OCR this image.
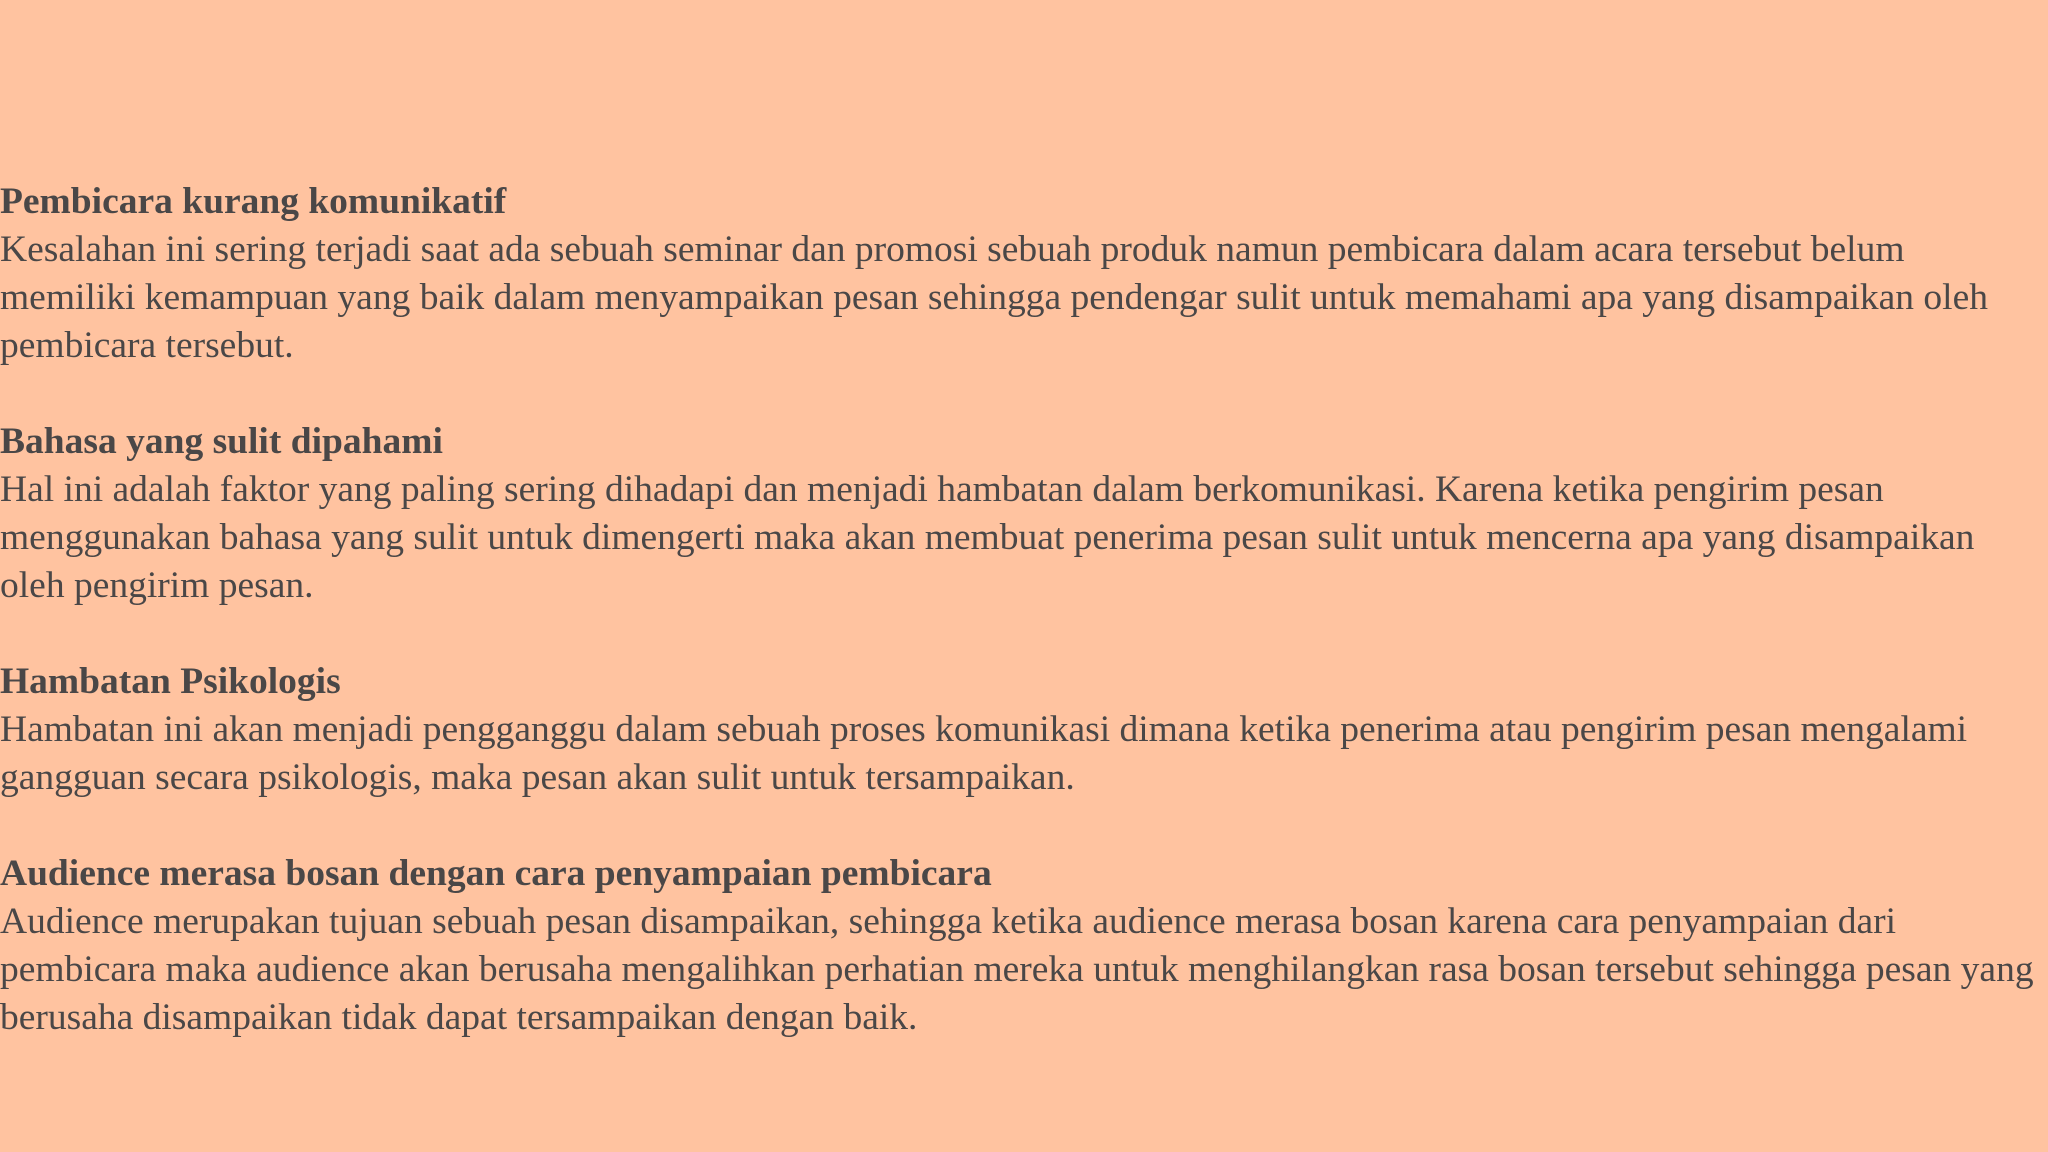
Pembicara kurang komunikatif

Kesalahan ini sering terjadi saat ada sebuah seminar dan promosi sebuah produk namun pembicara dalam acara tersebut belum memiliki kemampuan yang baik dalam menyampaikan pesan sehingga pendengar sulit untuk memahami apa yang disampaikan oleh pembicara tersebut.

Bahasa yang sulit dipahami

Hal ini adalah faktor yang paling sering dihadapi dan menjadi hambatan dalam berkomunikasi. Karena ketika pengirim pesan menggunakan bahasa yang sulit untuk dimengerti maka akan membuat penerima pesan sulit untuk mencerna apa yang disampaikan oleh pengirim pesan.

Hambatan Psikologis

Hambatan ini akan menjadi pengganggu dalam sebuah proses komunikasi dimana ketika penerima atau pengirim pesan mengalami gangguan secara psikologis, maka pesan akan sulit untuk tersampaikan.

Audience merasa bosan dengan cara penyampaian pembicara

Audience merupakan tujuan sebuah pesan disampaikan, sehingga ketika audience merasa bosan karena cara penyampaian dari pembicara maka audience akan berusaha mengalihkan perhatian mereka untuk menghilangkan rasa bosan tersebut sehingga pesan yang berusaha disampaikan tidak dapat tersampaikan dengan baik.
